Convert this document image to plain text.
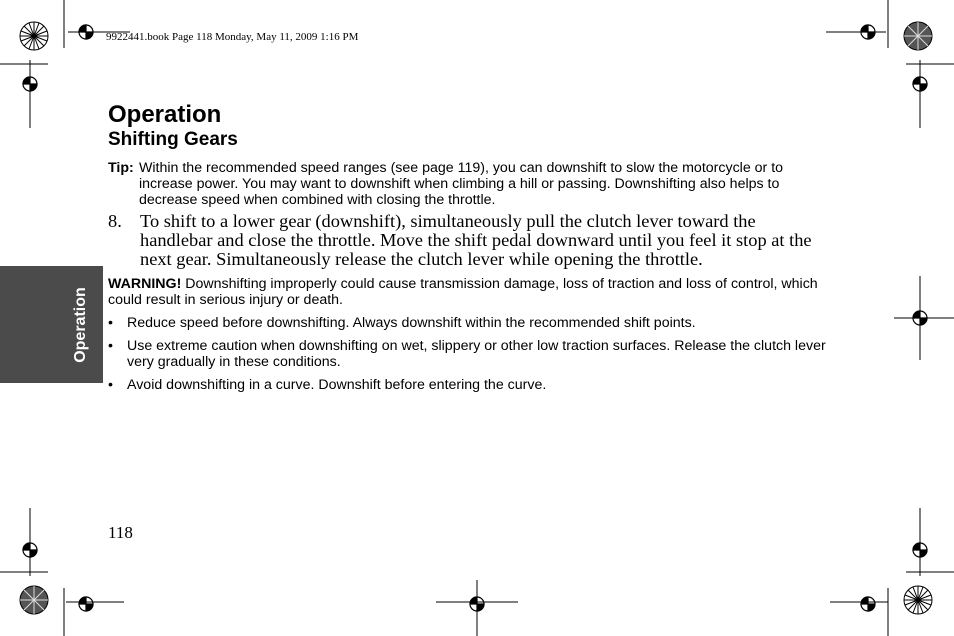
Operation
9922441.book Page 118 Monday, May 11, 2009 1:16 PM
Operation
Shifting Gears
Tip: Within the recommended speed ranges (see page 119), you can downshift to slow the motorcycle or to increase power. You may want to downshift when climbing a hill or passing. Downshifting also helps to decrease speed when combined with closing the throttle.
8. To shift to a lower gear (downshift), simultaneously pull the clutch lever toward the handlebar and close the throttle. Move the shift pedal downward until you feel it stop at the next gear. Simultaneously release the clutch lever while opening the throttle.
WARNING! Downshifting improperly could cause transmission damage, loss of traction and loss of control, which could result in serious injury or death.
• Reduce speed before downshifting. Always downshift within the recommended shift points.
• Use extreme caution when downshifting on wet, slippery or other low traction surfaces. Release the clutch lever very gradually in these conditions.
• Avoid downshifting in a curve. Downshift before entering the curve.
118
